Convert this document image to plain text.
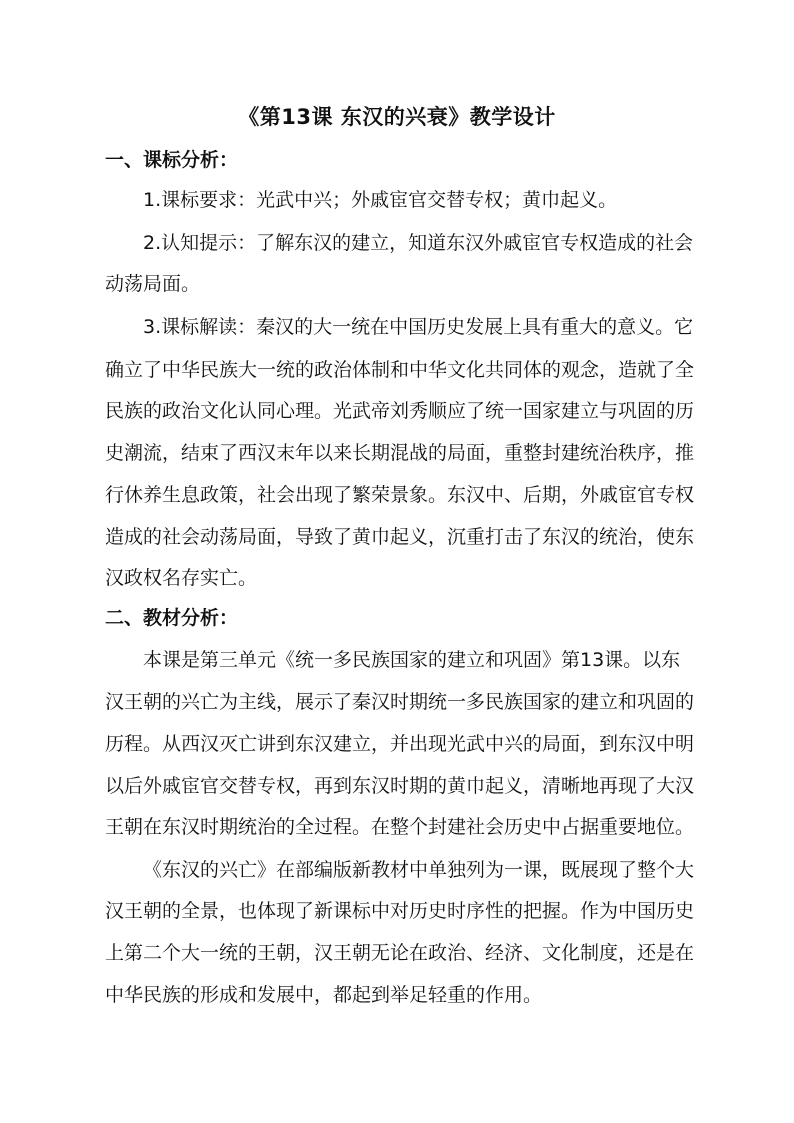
《第13课 东汉的兴衰》教学设计
一、课标分析：
1.课标要求：光武中兴；外戚宦官交替专权；黄巾起义。
2.认知提示：了解东汉的建立，知道东汉外戚宦官专权造成的社会
动荡局面。
3.课标解读：秦汉的大一统在中国历史发展上具有重大的意义。它
确立了中华民族大一统的政治体制和中华文化共同体的观念，造就了全
民族的政治文化认同心理。光武帝刘秀顺应了统一国家建立与巩固的历
史潮流，结束了西汉末年以来长期混战的局面，重整封建统治秩序，推
行休养生息政策，社会出现了繁荣景象。东汉中、后期，外戚宦官专权
造成的社会动荡局面，导致了黄巾起义，沉重打击了东汉的统治，使东
汉政权名存实亡。
二、教材分析：
本课是第三单元《统一多民族国家的建立和巩固》第13课。以东
汉王朝的兴亡为主线，展示了秦汉时期统一多民族国家的建立和巩固的
历程。从西汉灭亡讲到东汉建立，并出现光武中兴的局面，到东汉中明
以后外戚宦官交替专权，再到东汉时期的黄巾起义，清晰地再现了大汉
王朝在东汉时期统治的全过程。在整个封建社会历史中占据重要地位。
《东汉的兴亡》在部编版新教材中单独列为一课，既展现了整个大
汉王朝的全景，也体现了新课标中对历史时序性的把握。作为中国历史
上第二个大一统的王朝，汉王朝无论在政治、经济、文化制度，还是在
中华民族的形成和发展中，都起到举足轻重的作用。
